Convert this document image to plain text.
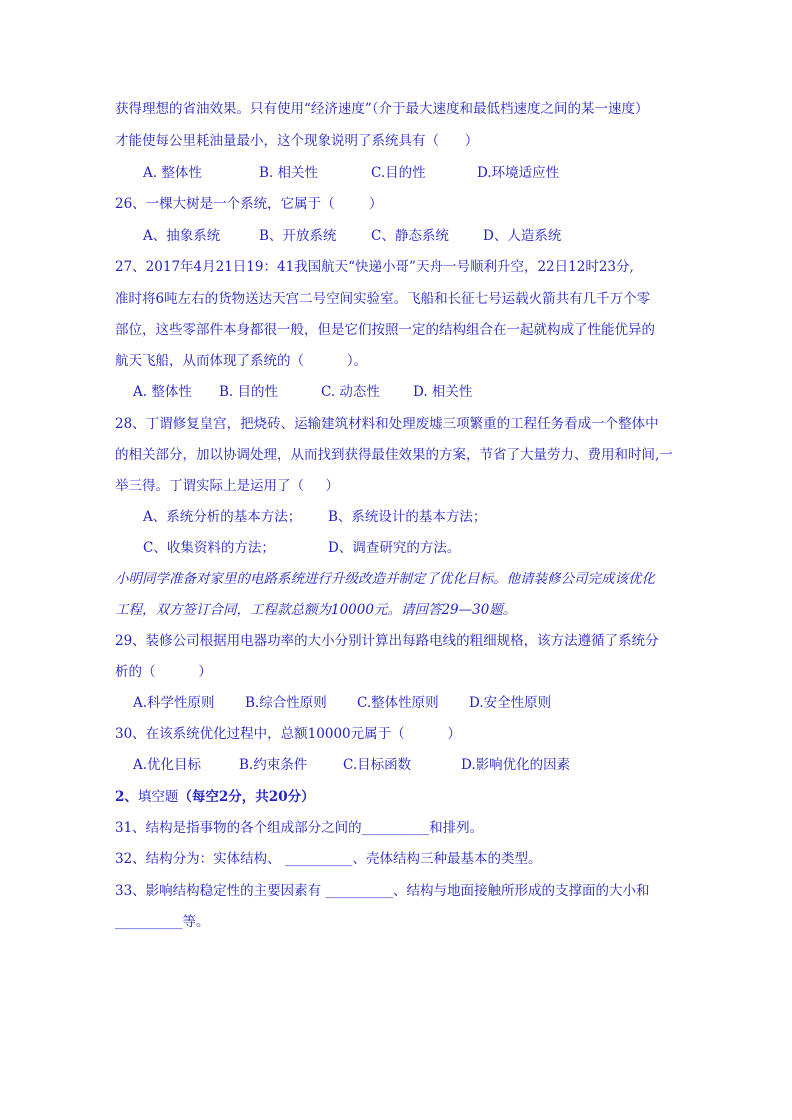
获得理想的省油效果。只有使用“经济速度”（介于最大速度和最低档速度之间的某一速度）
才能使每公里耗油量最小，这个现象说明了系统具有（      ）
A. 整体性	B. 相关性	C.目的性	D.环境适应性
26、一棵大树是一个系统，它属于（        ）
A、抽象系统	B、开放系统	C、静态系统	D、人造系统
27、2017年4月21日19：41我国航天“快递小哥”天舟一号顺利升空，22日12时23分,
准时将6吨左右的货物送达天宫二号空间实验室。飞船和长征七号运载火箭共有几千万个零
部位，这些零部件本身都很一般，但是它们按照一定的结构组合在一起就构成了性能优异的
航天飞船，从而体现了系统的（          ）。
A. 整体性 B. 目的性	C. 动态性 D. 相关性
28、丁谓修复皇宫，把烧砖、运输建筑材料和处理废墟三项繁重的工程任务看成一个整体中
的相关部分，加以协调处理，从而找到获得最佳效果的方案，节省了大量劳力、费用和时间,一
举三得。丁谓实际上是运用了（     ）
A、系统分析的基本方法； B、系统设计的基本方法；
C、收集资料的方法；	D、调查研究的方法。
小明同学准备对家里的电路系统进行升级改造并制定了优化目标。他请装修公司完成该优化
工程，双方签订合同，工程款总额为10000元。请回答29—30题。
29、装修公司根据用电器功率的大小分别计算出每路电线的粗细规格，该方法遵循了系统分
析的（          ）
A.科学性原则 B.综合性原则 C.整体性原则 D.安全性原则
30、在该系统优化过程中，总额10000元属于（          ）
A.优化目标	B.约束条件	C.目标函数	D.影响优化的因素
2、填空题（每空2分，共20分）
31、结构是指事物的各个组成部分之间的__________和排列。
32、结构分为：实体结构、 __________、壳体结构三种最基本的类型。
33、影响结构稳定性的主要因素有 __________、结构与地面接触所形成的支撑面的大小和
__________等。
